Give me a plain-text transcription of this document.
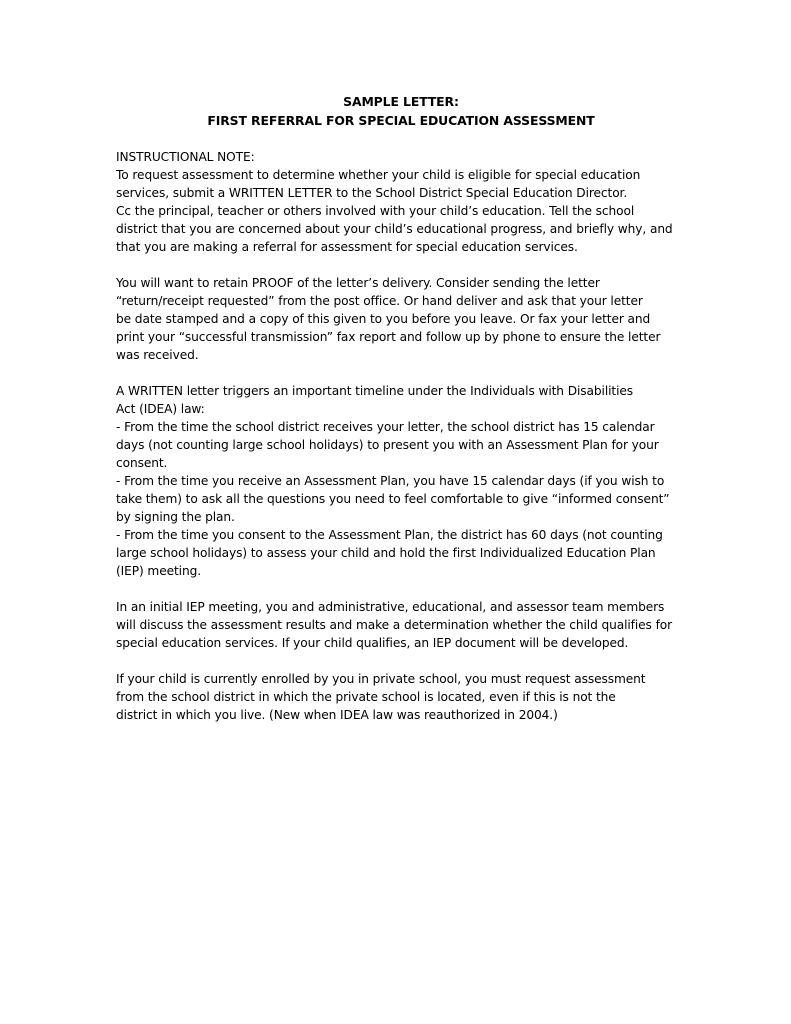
SAMPLE LETTER:
FIRST REFERRAL FOR SPECIAL EDUCATION ASSESSMENT
INSTRUCTIONAL NOTE:
To request assessment to determine whether your child is eligible for special education
services, submit a WRITTEN LETTER to the School District Special Education Director.
Cc the principal, teacher or others involved with your child’s education. Tell the school
district that you are concerned about your child’s educational progress, and briefly why, and
that you are making a referral for assessment for special education services.
You will want to retain PROOF of the letter’s delivery. Consider sending the letter
“return/receipt requested” from the post office. Or hand deliver and ask that your letter
be date stamped and a copy of this given to you before you leave. Or fax your letter and
print your “successful transmission” fax report and follow up by phone to ensure the letter
was received.
A WRITTEN letter triggers an important timeline under the Individuals with Disabilities
Act (IDEA) law:
- From the time the school district receives your letter, the school district has 15 calendar
days (not counting large school holidays) to present you with an Assessment Plan for your
consent.
- From the time you receive an Assessment Plan, you have 15 calendar days (if you wish to
take them) to ask all the questions you need to feel comfortable to give “informed consent”
by signing the plan.
- From the time you consent to the Assessment Plan, the district has 60 days (not counting
large school holidays) to assess your child and hold the first Individualized Education Plan
(IEP) meeting.
In an initial IEP meeting, you and administrative, educational, and assessor team members
will discuss the assessment results and make a determination whether the child qualifies for
special education services. If your child qualifies, an IEP document will be developed.
If your child is currently enrolled by you in private school, you must request assessment
from the school district in which the private school is located, even if this is not the
district in which you live. (New when IDEA law was reauthorized in 2004.)
